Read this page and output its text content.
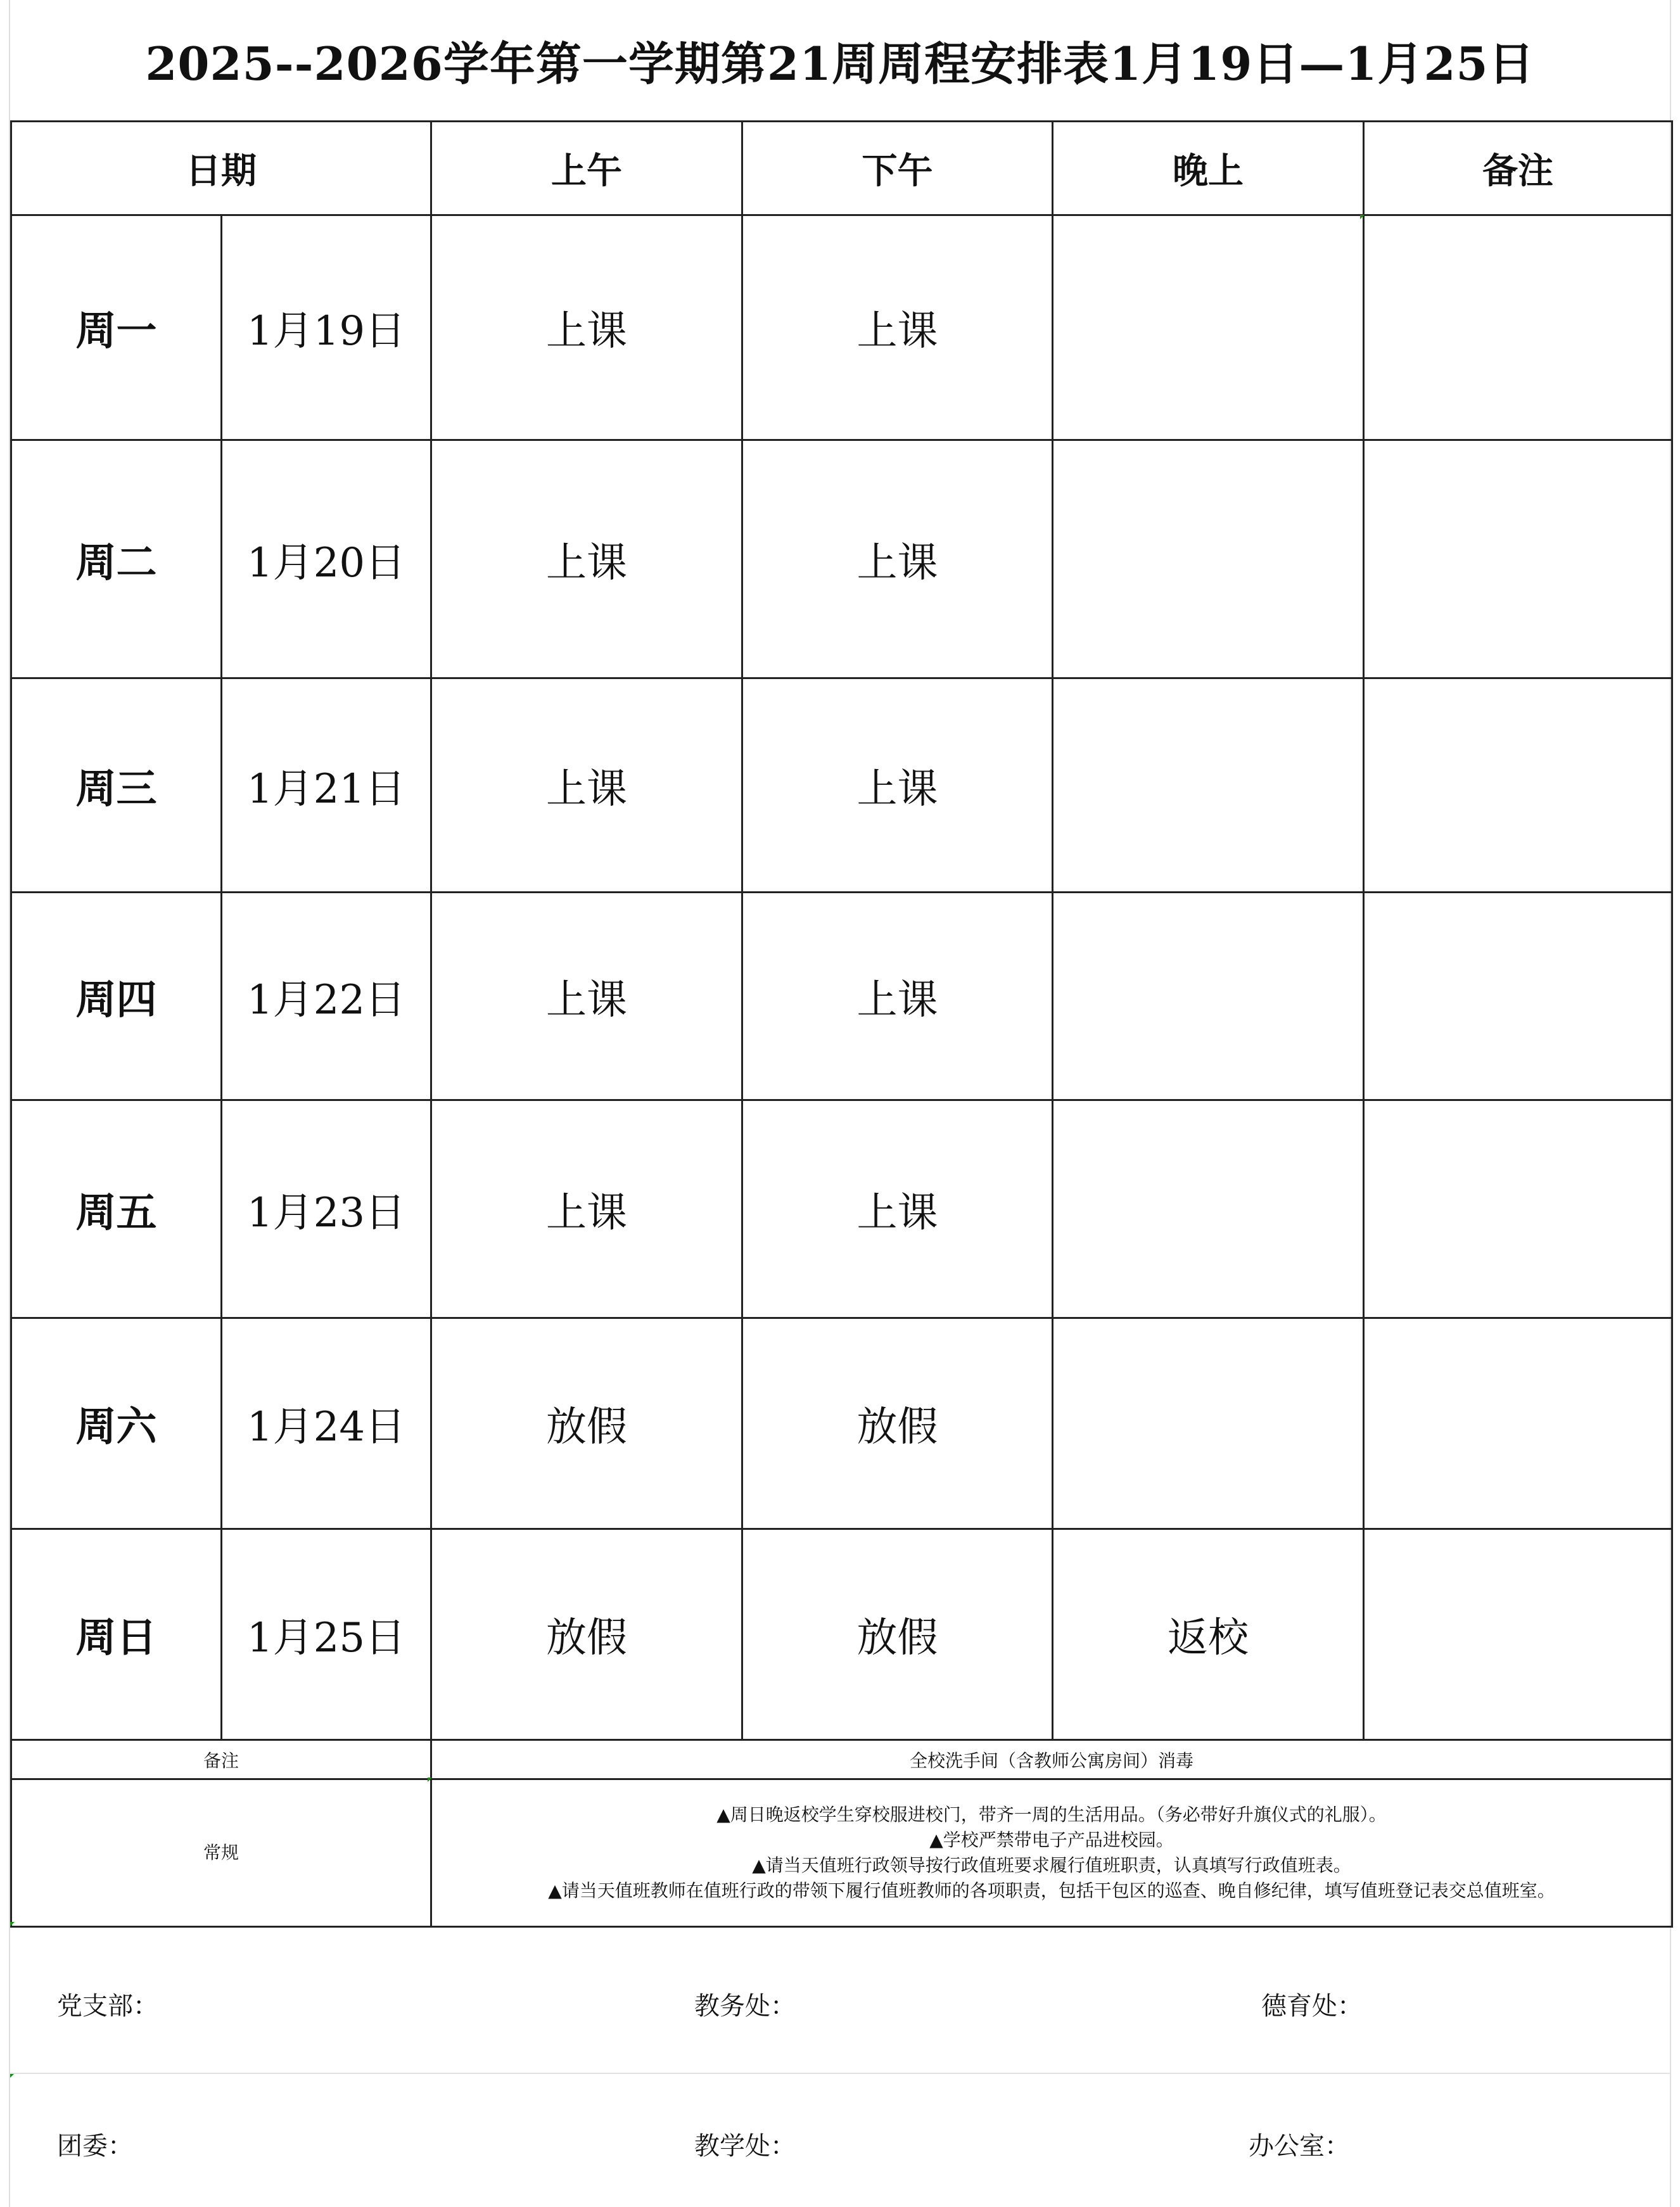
2025--2026学年第一学期第21周周程安排表1月19日—1月25日
日期		上午	下午	晚上	备注
周一	1月19日	上课	上课		
周二	1月20日	上课	上课		
周三	1月21日	上课	上课		
周四	1月22日	上课	上课		
周五	1月23日	上课	上课		
周六	1月24日	放假	放假		
周日	1月25日	放假	放假	返校	
备注		全校洗手间（含教师公寓房间）消毒			
常规		▲周日晚返校学生穿校服进校门，带齐一周的生活用品。（务必带好升旗仪式的礼服）。
▲学校严禁带电子产品进校园。
▲请当天值班行政领导按行政值班要求履行值班职责，认真填写行政值班表。
▲请当天值班教师在值班行政的带领下履行值班教师的各项职责，包括干包区的巡查、晚自修纪律，填写值班登记表交总值班室。			
党支部：	教务处：	德育处：
团委：	教学处：	办公室：
